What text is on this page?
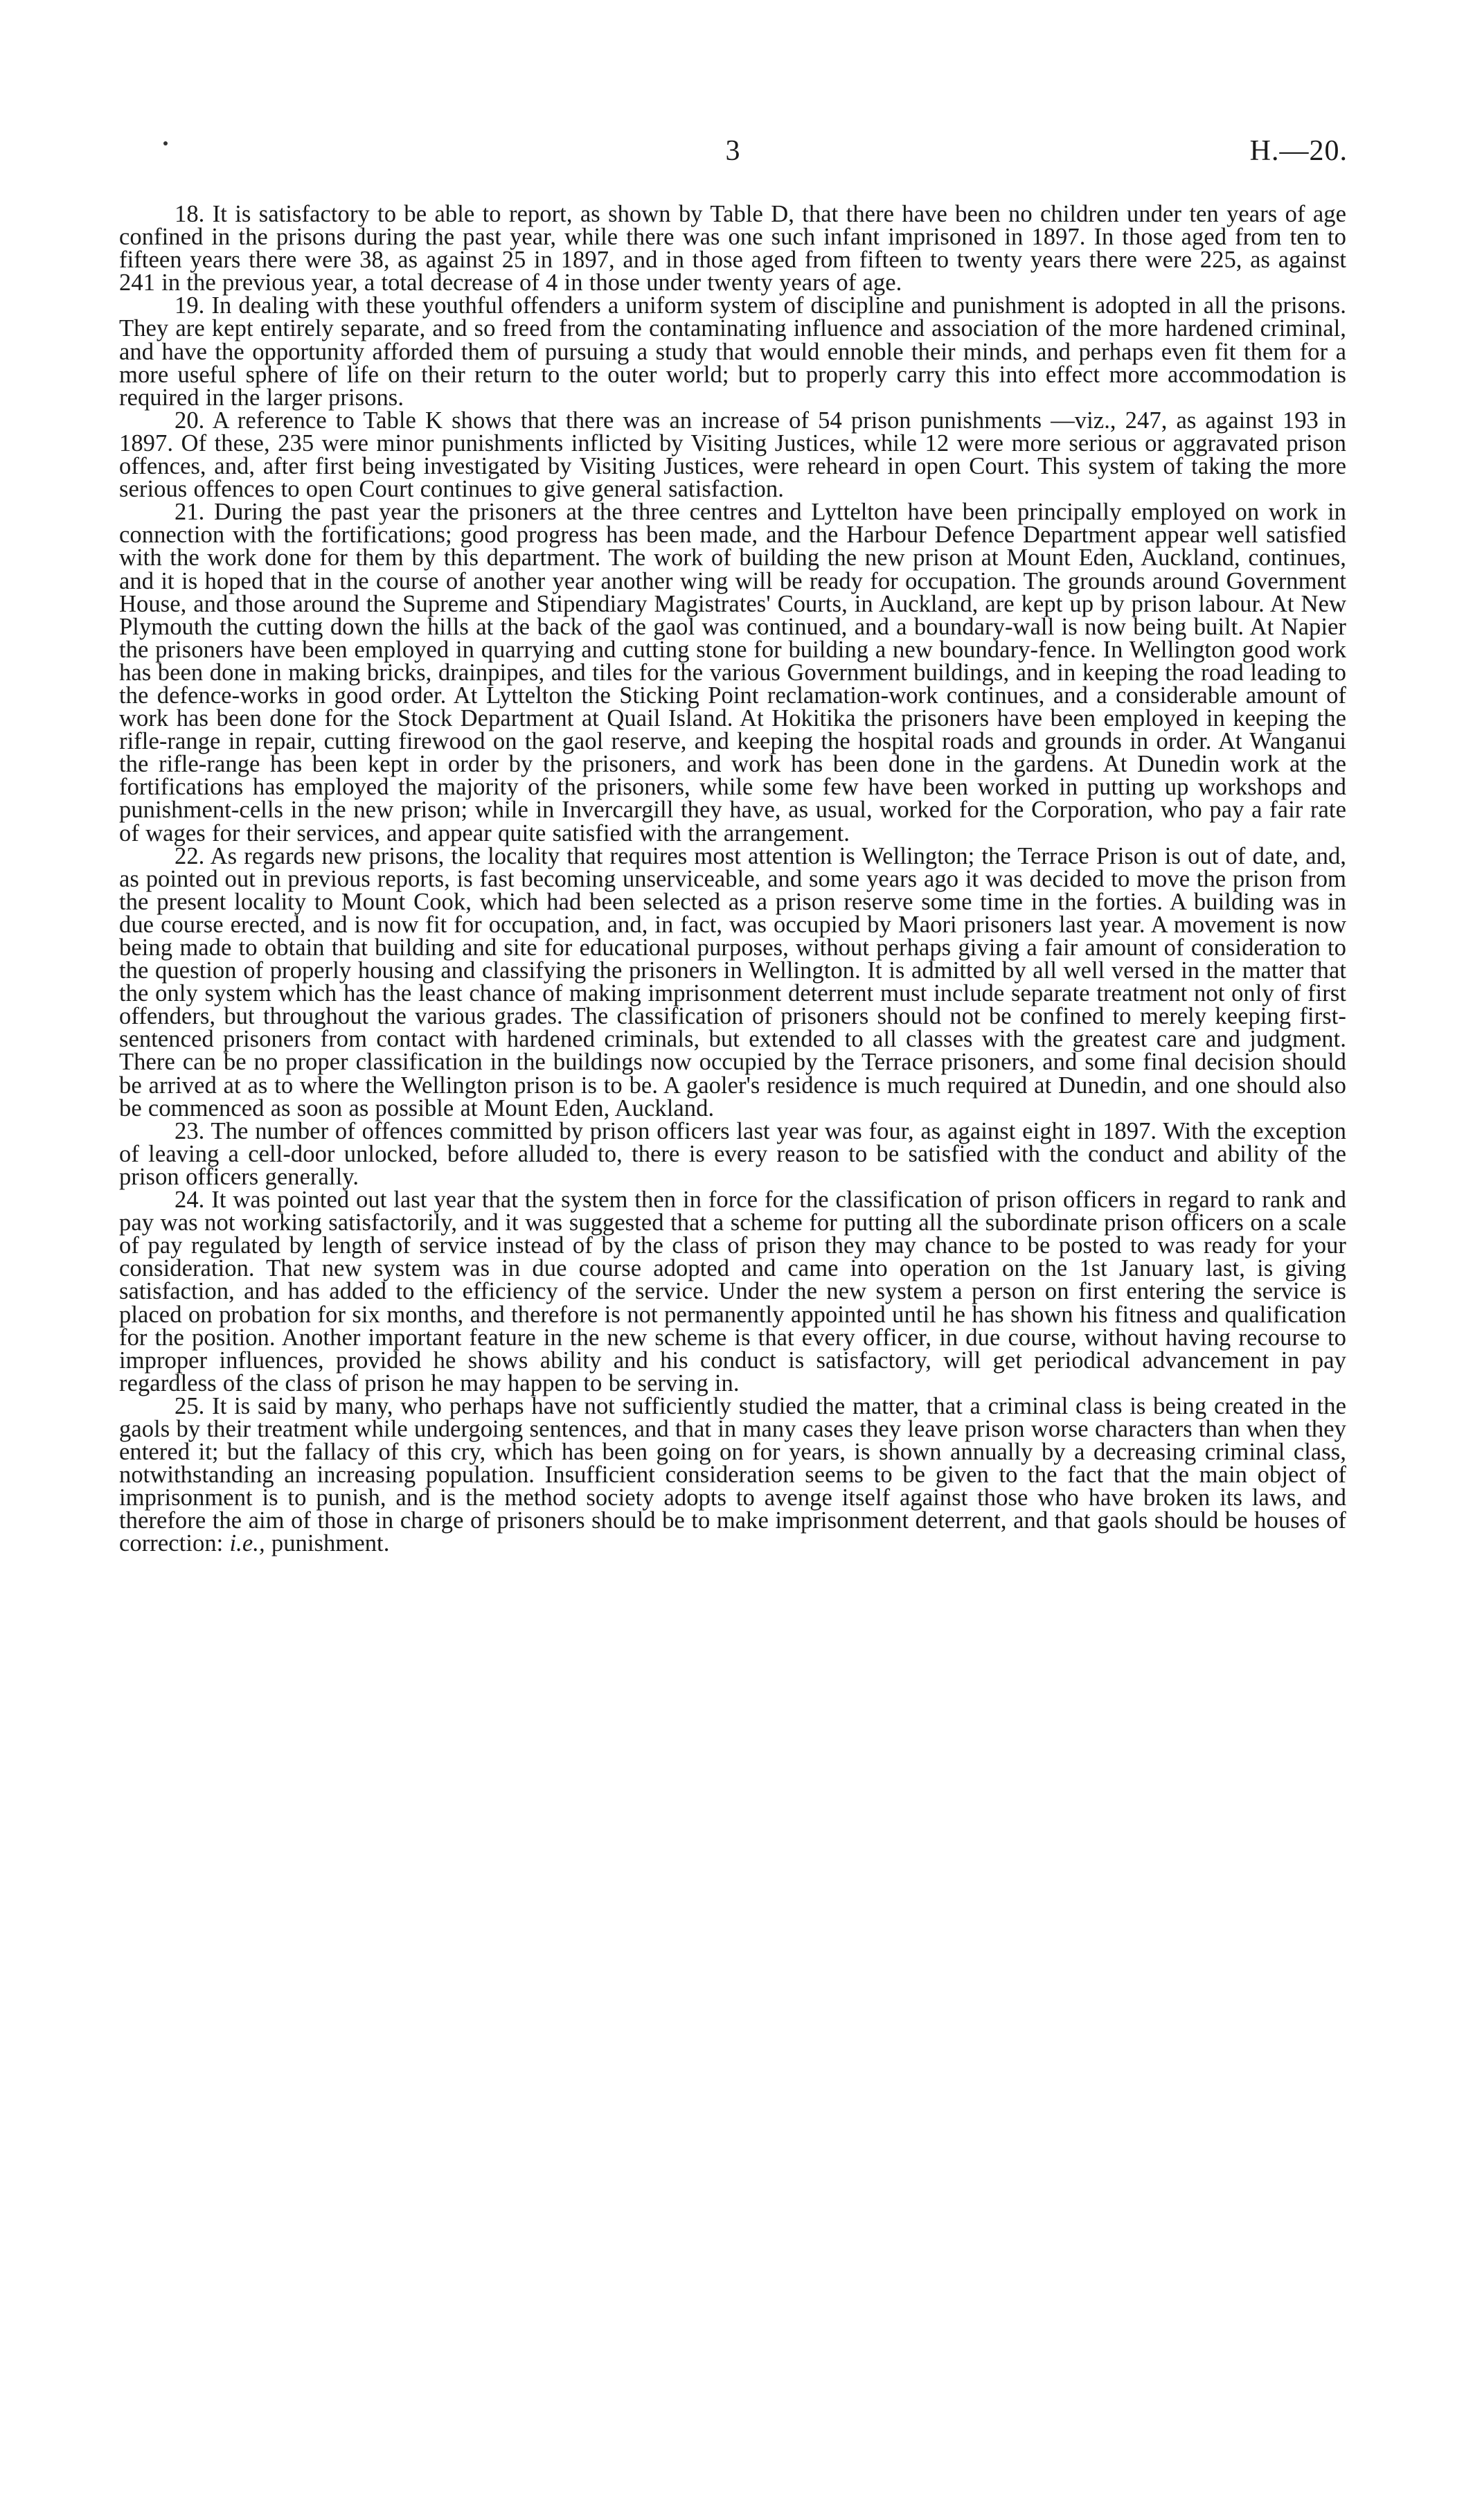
3	H.—20.

18. It is satisfactory to be able to report, as shown by Table D, that there have been no children under ten years of age confined in the prisons during the past year, while there was one such infant imprisoned in 1897. In those aged from ten to fifteen years there were 38, as against 25 in 1897, and in those aged from fifteen to twenty years there were 225, as against 241 in the previous year, a total decrease of 4 in those under twenty years of age.

19. In dealing with these youthful offenders a uniform system of discipline and punishment is adopted in all the prisons. They are kept entirely separate, and so freed from the contaminating influence and association of the more hardened criminal, and have the opportunity afforded them of pursuing a study that would ennoble their minds, and perhaps even fit them for a more useful sphere of life on their return to the outer world; but to properly carry this into effect more accommodation is required in the larger prisons.

20. A reference to Table K shows that there was an increase of 54 prison punishments —viz., 247, as against 193 in 1897. Of these, 235 were minor punishments inflicted by Visiting Justices, while 12 were more serious or aggravated prison offences, and, after first being investigated by Visiting Justices, were reheard in open Court. This system of taking the more serious offences to open Court continues to give general satisfaction.

21. During the past year the prisoners at the three centres and Lyttelton have been principally employed on work in connection with the fortifications; good progress has been made, and the Harbour Defence Department appear well satisfied with the work done for them by this department. The work of building the new prison at Mount Eden, Auckland, continues, and it is hoped that in the course of another year another wing will be ready for occupation. The grounds around Government House, and those around the Supreme and Stipendiary Magistrates' Courts, in Auckland, are kept up by prison labour. At New Plymouth the cutting down the hills at the back of the gaol was continued, and a boundary-wall is now being built. At Napier the prisoners have been employed in quarrying and cutting stone for building a new boundary-fence. In Wellington good work has been done in making bricks, drainpipes, and tiles for the various Government buildings, and in keeping the road leading to the defence-works in good order. At Lyttelton the Sticking Point reclamation-work continues, and a considerable amount of work has been done for the Stock Department at Quail Island. At Hokitika the prisoners have been employed in keeping the rifle-range in repair, cutting firewood on the gaol reserve, and keeping the hospital roads and grounds in order. At Wanganui the rifle-range has been kept in order by the prisoners, and work has been done in the gardens. At Dunedin work at the fortifications has employed the majority of the prisoners, while some few have been worked in putting up workshops and punishment-cells in the new prison; while in Invercargill they have, as usual, worked for the Corporation, who pay a fair rate of wages for their services, and appear quite satisfied with the arrangement.

22. As regards new prisons, the locality that requires most attention is Wellington; the Terrace Prison is out of date, and, as pointed out in previous reports, is fast becoming unserviceable, and some years ago it was decided to move the prison from the present locality to Mount Cook, which had been selected as a prison reserve some time in the forties. A building was in due course erected, and is now fit for occupation, and, in fact, was occupied by Maori prisoners last year. A movement is now being made to obtain that building and site for educational purposes, without perhaps giving a fair amount of consideration to the question of properly housing and classifying the prisoners in Wellington. It is admitted by all well versed in the matter that the only system which has the least chance of making imprisonment deterrent must include separate treatment not only of first offenders, but throughout the various grades. The classification of prisoners should not be confined to merely keeping first-sentenced prisoners from contact with hardened criminals, but extended to all classes with the greatest care and judgment. There can be no proper classification in the buildings now occupied by the Terrace prisoners, and some final decision should be arrived at as to where the Wellington prison is to be. A gaoler's residence is much required at Dunedin, and one should also be commenced as soon as possible at Mount Eden, Auckland.

23. The number of offences committed by prison officers last year was four, as against eight in 1897. With the exception of leaving a cell-door unlocked, before alluded to, there is every reason to be satisfied with the conduct and ability of the prison officers generally.

24. It was pointed out last year that the system then in force for the classification of prison officers in regard to rank and pay was not working satisfactorily, and it was suggested that a scheme for putting all the subordinate prison officers on a scale of pay regulated by length of service instead of by the class of prison they may chance to be posted to was ready for your consideration. That new system was in due course adopted and came into operation on the 1st January last, is giving satisfaction, and has added to the efficiency of the service. Under the new system a person on first entering the service is placed on probation for six months, and therefore is not permanently appointed until he has shown his fitness and qualification for the position. Another important feature in the new scheme is that every officer, in due course, without having recourse to improper influences, provided he shows ability and his conduct is satisfactory, will get periodical advancement in pay regardless of the class of prison he may happen to be serving in.

25. It is said by many, who perhaps have not sufficiently studied the matter, that a criminal class is being created in the gaols by their treatment while undergoing sentences, and that in many cases they leave prison worse characters than when they entered it; but the fallacy of this cry, which has been going on for years, is shown annually by a decreasing criminal class, notwithstanding an increasing population. Insufficient consideration seems to be given to the fact that the main object of imprisonment is to punish, and is the method society adopts to avenge itself against those who have broken its laws, and therefore the aim of those in charge of prisoners should be to make imprisonment deterrent, and that gaols should be houses of correction: i.e., punishment.
